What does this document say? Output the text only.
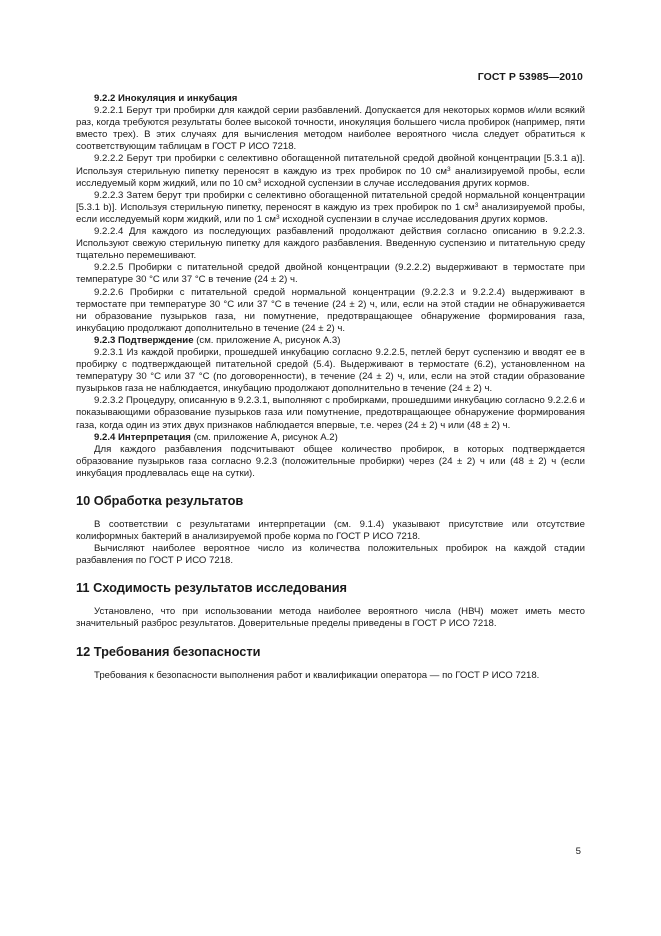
ГОСТ Р 53985—2010

9.2.2 Инокуляция и инкубация

9.2.2.1 Берут три пробирки для каждой серии разбавлений. Допускается для некоторых кормов и/или всякий раз, когда требуются результаты более высокой точности, инокуляция большего числа пробирок (например, пяти вместо трех). В этих случаях для вычисления методом наиболее вероятного числа следует обратиться к соответствующим таблицам в ГОСТ Р ИСО 7218.

9.2.2.2 Берут три пробирки с селективно обогащенной питательной средой двойной концентрации [5.3.1 a)]. Используя стерильную пипетку переносят в каждую из трех пробирок по 10 $см^3$ анализируемой пробы, если исследуемый корм жидкий, или по 10 $см^3$ исходной суспензии в случае исследования других кормов.

9.2.2.3 Затем берут три пробирки с селективно обогащенной питательной средой нормальной концентрации [5.3.1 b)]. Используя стерильную пипетку, переносят в каждую из трех пробирок по 1 $см^3$ анализируемой пробы, если исследуемый корм жидкий, или по 1 $см^3$ исходной суспензии в случае исследования других кормов.

9.2.2.4 Для каждого из последующих разбавлений продолжают действия согласно описанию в 9.2.2.3. Используют свежую стерильную пипетку для каждого разбавления. Введенную суспензию и питательную среду тщательно перемешивают.

9.2.2.5 Пробирки с питательной средой двойной концентрации (9.2.2.2) выдерживают в термостате при температуре 30 °С или 37 °С в течение (24 ± 2) ч.

9.2.2.6 Пробирки с питательной средой нормальной концентрации (9.2.2.3 и 9.2.2.4) выдерживают в термостате при температуре 30 °С или 37 °С в течение (24 ± 2) ч, или, если на этой стадии не обнаруживается ни образование пузырьков газа, ни помутнение, предотвращающее обнаружение формирования газа, инкубацию продолжают дополнительно в течение (24 ± 2) ч.

9.2.3 Подтверждение (см. приложение А, рисунок А.3)

9.2.3.1 Из каждой пробирки, прошедшей инкубацию согласно 9.2.2.5, петлей берут суспензию и вводят ее в пробирку с подтверждающей питательной средой (5.4). Выдерживают в термостате (6.2), установленном на температуру 30 °С или 37 °С (по договоренности), в течение (24 ± 2) ч, или, если на этой стадии образование пузырьков газа не наблюдается, инкубацию продолжают дополнительно в течение (24 ± 2) ч.

9.2.3.2 Процедуру, описанную в 9.2.3.1, выполняют с пробирками, прошедшими инкубацию согласно 9.2.2.6 и показывающими образование пузырьков газа или помутнение, предотвращающее обнаружение формирования газа, когда один из этих двух признаков наблюдается впервые, т.е. через (24 ± 2) ч или (48 ± 2) ч.

9.2.4 Интерпретация (см. приложение А, рисунок А.2)

Для каждого разбавления подсчитывают общее количество пробирок, в которых подтверждается образование пузырьков газа согласно 9.2.3 (положительные пробирки) через (24 ± 2) ч или (48 ± 2) ч (если инкубация продлевалась еще на сутки).

10 Обработка результатов

В соответствии с результатами интерпретации (см. 9.1.4) указывают присутствие или отсутствие колиформных бактерий в анализируемой пробе корма по ГОСТ Р ИСО 7218.

Вычисляют наиболее вероятное число из количества положительных пробирок на каждой стадии разбавления по ГОСТ Р ИСО 7218.

11 Сходимость результатов исследования

Установлено, что при использовании метода наиболее вероятного числа (НВЧ) может иметь место значительный разброс результатов. Доверительные пределы приведены в ГОСТ Р ИСО 7218.

12 Требования безопасности

Требования к безопасности выполнения работ и квалификации оператора — по ГОСТ Р ИСО 7218.

5
